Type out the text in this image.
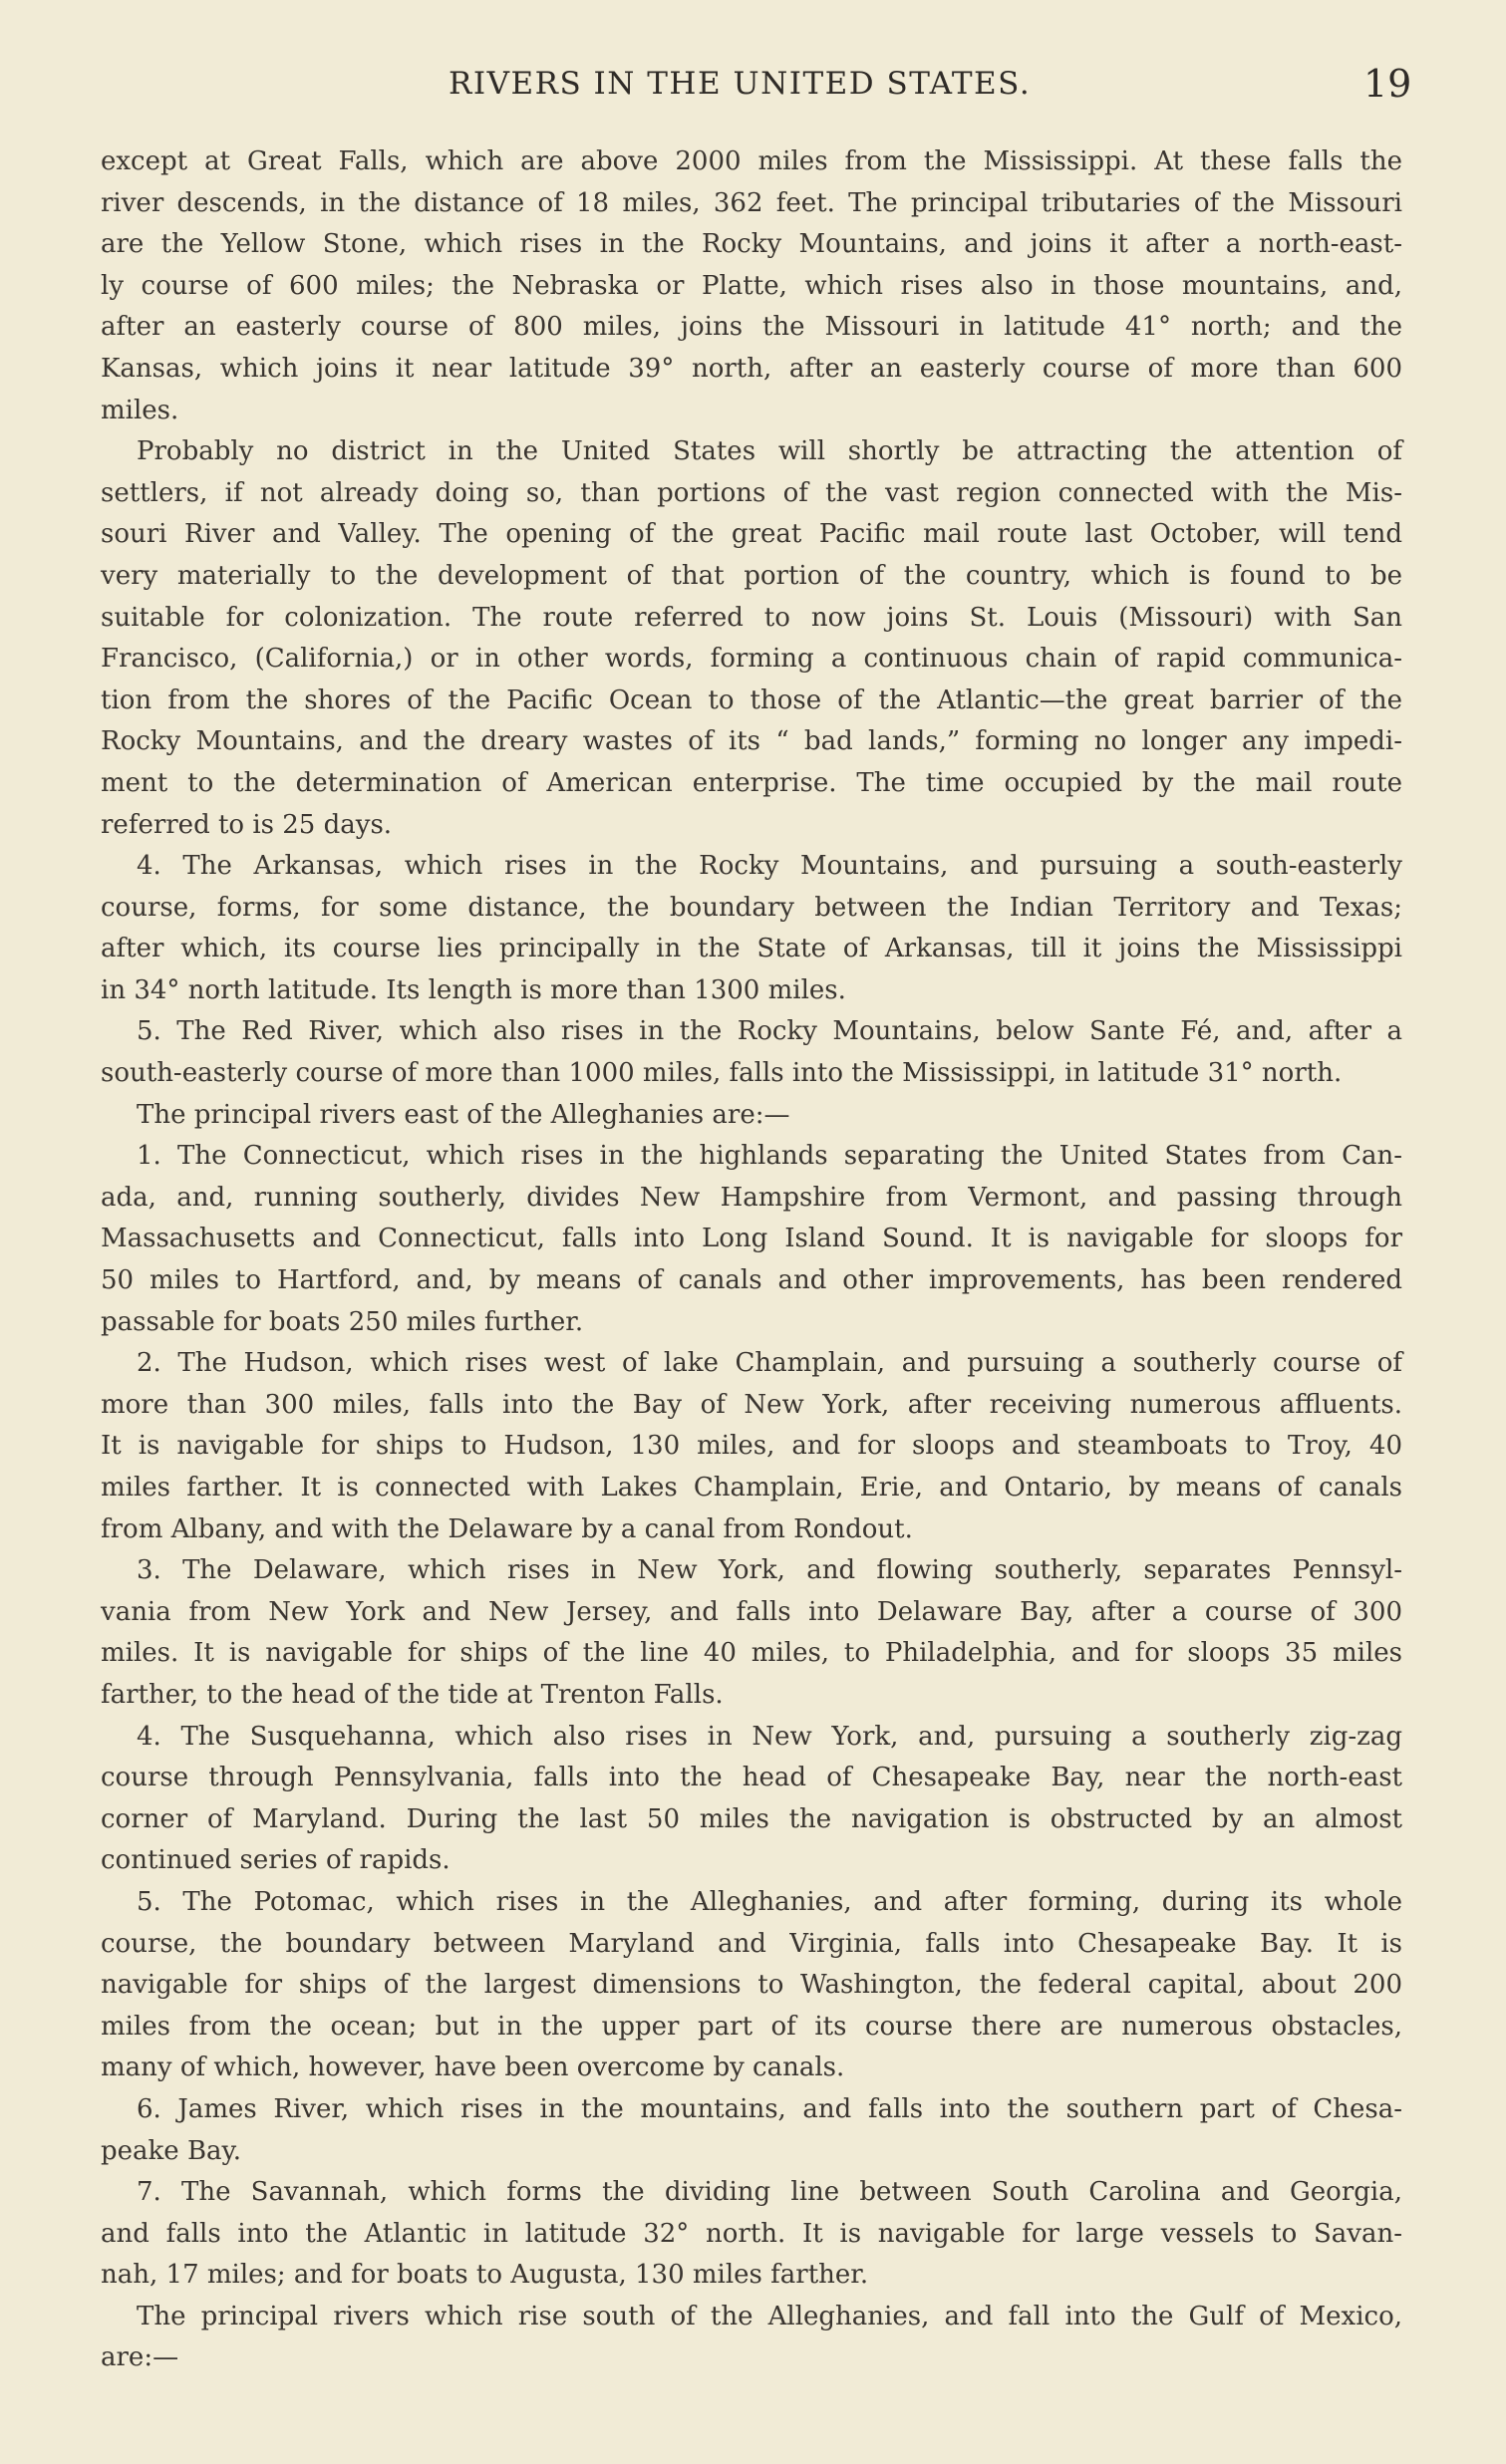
RIVERS IN THE UNITED STATES.	19
except at Great Falls, which are above 2000 miles from the Mississippi. At these falls the
river descends, in the distance of 18 miles, 362 feet. The principal tributaries of the Missouri
are the Yellow Stone, which rises in the Rocky Mountains, and joins it after a north-east-
ly course of 600 miles; the Nebraska or Platte, which rises also in those mountains, and,
after an easterly course of 800 miles, joins the Missouri in latitude 41° north; and the
Kansas, which joins it near latitude 39° north, after an easterly course of more than 600
miles.
Probably no district in the United States will shortly be attracting the attention of
settlers, if not already doing so, than portions of the vast region connected with the Mis-
souri River and Valley. The opening of the great Pacific mail route last October, will tend
very materially to the development of that portion of the country, which is found to be
suitable for colonization. The route referred to now joins St. Louis (Missouri) with San
Francisco, (California,) or in other words, forming a continuous chain of rapid communica-
tion from the shores of the Pacific Ocean to those of the Atlantic—the great barrier of the
Rocky Mountains, and the dreary wastes of its “ bad lands,” forming no longer any impedi-
ment to the determination of American enterprise. The time occupied by the mail route
referred to is 25 days.
4. The Arkansas, which rises in the Rocky Mountains, and pursuing a south-easterly
course, forms, for some distance, the boundary between the Indian Territory and Texas;
after which, its course lies principally in the State of Arkansas, till it joins the Mississippi
in 34° north latitude. Its length is more than 1300 miles.
5. The Red River, which also rises in the Rocky Mountains, below Sante Fé, and, after a
south-easterly course of more than 1000 miles, falls into the Mississippi, in latitude 31° north.
The principal rivers east of the Alleghanies are:—
1. The Connecticut, which rises in the highlands separating the United States from Can-
ada, and, running southerly, divides New Hampshire from Vermont, and passing through
Massachusetts and Connecticut, falls into Long Island Sound. It is navigable for sloops for
50 miles to Hartford, and, by means of canals and other improvements, has been rendered
passable for boats 250 miles further.
2. The Hudson, which rises west of lake Champlain, and pursuing a southerly course of
more than 300 miles, falls into the Bay of New York, after receiving numerous affluents.
It is navigable for ships to Hudson, 130 miles, and for sloops and steamboats to Troy, 40
miles farther. It is connected with Lakes Champlain, Erie, and Ontario, by means of canals
from Albany, and with the Delaware by a canal from Rondout.
3. The Delaware, which rises in New York, and flowing southerly, separates Pennsyl-
vania from New York and New Jersey, and falls into Delaware Bay, after a course of 300
miles. It is navigable for ships of the line 40 miles, to Philadelphia, and for sloops 35 miles
farther, to the head of the tide at Trenton Falls.
4. The Susquehanna, which also rises in New York, and, pursuing a southerly zig-zag
course through Pennsylvania, falls into the head of Chesapeake Bay, near the north-east
corner of Maryland. During the last 50 miles the navigation is obstructed by an almost
continued series of rapids.
5. The Potomac, which rises in the Alleghanies, and after forming, during its whole
course, the boundary between Maryland and Virginia, falls into Chesapeake Bay. It is
navigable for ships of the largest dimensions to Washington, the federal capital, about 200
miles from the ocean; but in the upper part of its course there are numerous obstacles,
many of which, however, have been overcome by canals.
6. James River, which rises in the mountains, and falls into the southern part of Chesa-
peake Bay.
7. The Savannah, which forms the dividing line between South Carolina and Georgia,
and falls into the Atlantic in latitude 32° north. It is navigable for large vessels to Savan-
nah, 17 miles; and for boats to Augusta, 130 miles farther.
The principal rivers which rise south of the Alleghanies, and fall into the Gulf of Mexico,
are:—
